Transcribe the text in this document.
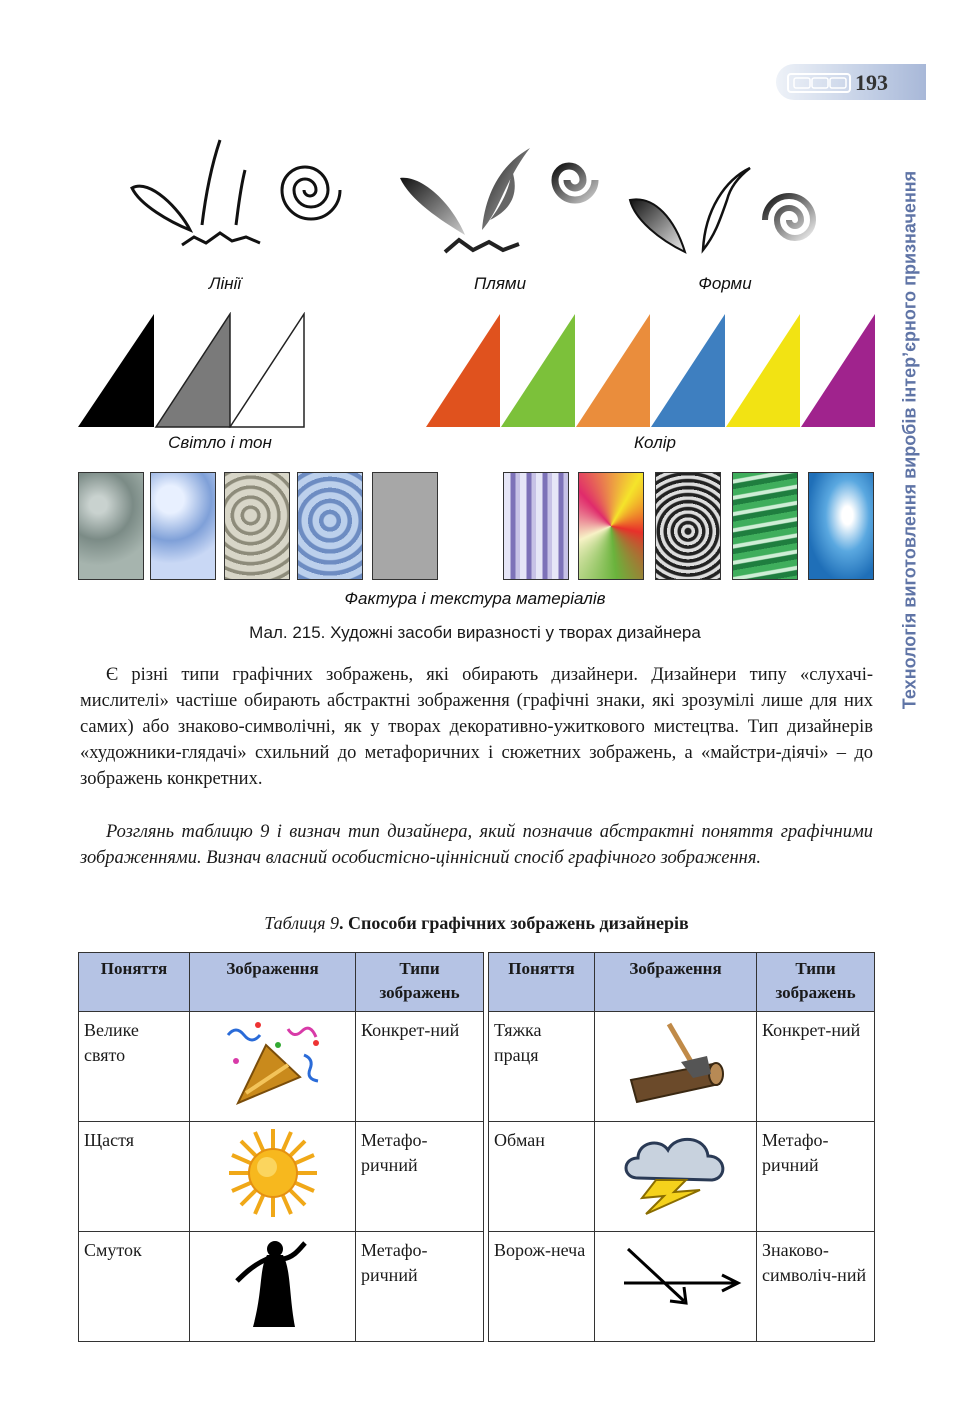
193
Технологія виготовлення виробів інтер’єрного призначення
Лінії	Плями	Форми
Світло і тон	Колір
Фактура і текстура матеріалів
Мал. 215. Художні засоби виразності у творах дизайнера

Є різні типи графічних зображень, які обирають дизайнери. Дизайнери типу «слухачі-мислителі» частіше обирають абстрактні зображення (графічні знаки, які зрозумілі лише для них самих) або знаково-символічні, як у творах декоративно-ужиткового мистецтва. Тип дизайнерів «художники-глядачі» схильний до метафоричних і сюжетних зображень, а «майстри-діячі» – до зображень конкретних.

Розглянь таблицю 9 і визнач тип дизайнера, який позначив абстрактні поняття графічними зображеннями. Визнач власний особистісно-ціннісний спосіб графічного зображення.

Таблиця 9. Способи графічних зображень дизайнерів
Поняття	Зображення	Типи зображень
Велике свято		Конкрет-ний
Щастя		Метафо-ричний
Смуток		Метафо-ричний
Поняття	Зображення	Типи зображень
Тяжка праця		Конкрет-ний
Обман		Метафо-ричний
Ворож-неча		Знаково-символіч-ний
